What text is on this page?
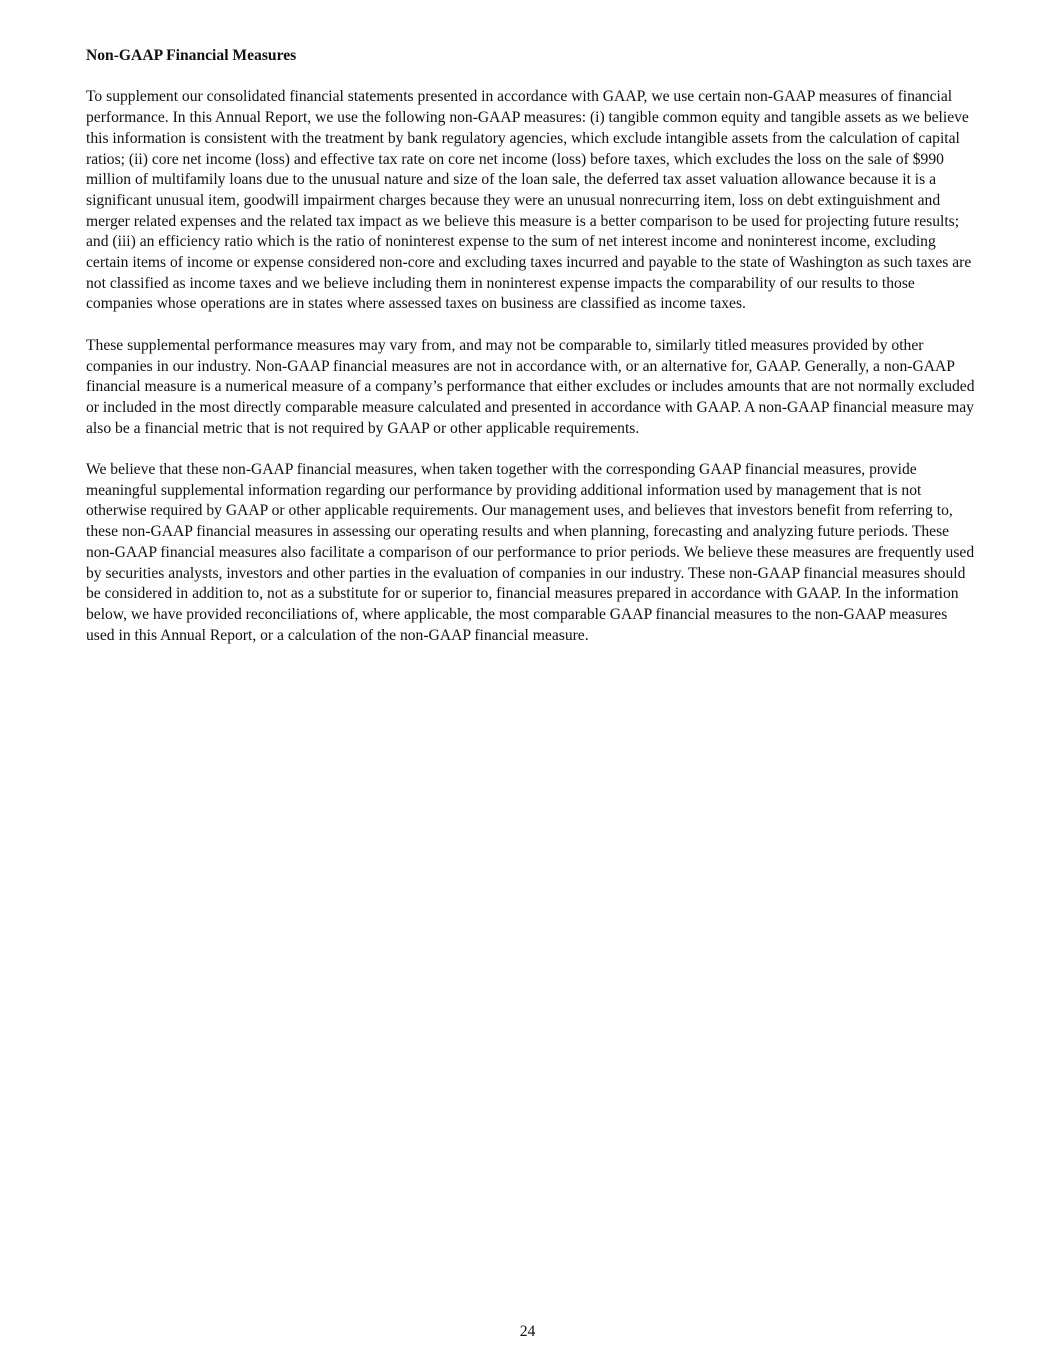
Non-GAAP Financial Measures

To supplement our consolidated financial statements presented in accordance with GAAP, we use certain non-GAAP measures of financial performance. In this Annual Report, we use the following non-GAAP measures: (i) tangible common equity and tangible assets as we believe this information is consistent with the treatment by bank regulatory agencies, which exclude intangible assets from the calculation of capital ratios; (ii) core net income (loss) and effective tax rate on core net income (loss) before taxes, which excludes the loss on the sale of $990 million of multifamily loans due to the unusual nature and size of the loan sale, the deferred tax asset valuation allowance because it is a significant unusual item, goodwill impairment charges because they were an unusual nonrecurring item, loss on debt extinguishment and merger related expenses and the related tax impact as we believe this measure is a better comparison to be used for projecting future results; and (iii) an efficiency ratio which is the ratio of noninterest expense to the sum of net interest income and noninterest income, excluding certain items of income or expense considered non-core and excluding taxes incurred and payable to the state of Washington as such taxes are not classified as income taxes and we believe including them in noninterest expense impacts the comparability of our results to those companies whose operations are in states where assessed taxes on business are classified as income taxes.

These supplemental performance measures may vary from, and may not be comparable to, similarly titled measures provided by other companies in our industry. Non-GAAP financial measures are not in accordance with, or an alternative for, GAAP. Generally, a non-GAAP financial measure is a numerical measure of a company’s performance that either excludes or includes amounts that are not normally excluded or included in the most directly comparable measure calculated and presented in accordance with GAAP. A non-GAAP financial measure may also be a financial metric that is not required by GAAP or other applicable requirements.

We believe that these non-GAAP financial measures, when taken together with the corresponding GAAP financial measures, provide meaningful supplemental information regarding our performance by providing additional information used by management that is not otherwise required by GAAP or other applicable requirements. Our management uses, and believes that investors benefit from referring to, these non-GAAP financial measures in assessing our operating results and when planning, forecasting and analyzing future periods. These non-GAAP financial measures also facilitate a comparison of our performance to prior periods. We believe these measures are frequently used by securities analysts, investors and other parties in the evaluation of companies in our industry. These non-GAAP financial measures should be considered in addition to, not as a substitute for or superior to, financial measures prepared in accordance with GAAP. In the information below, we have provided reconciliations of, where applicable, the most comparable GAAP financial measures to the non-GAAP measures used in this Annual Report, or a calculation of the non-GAAP financial measure.

24
